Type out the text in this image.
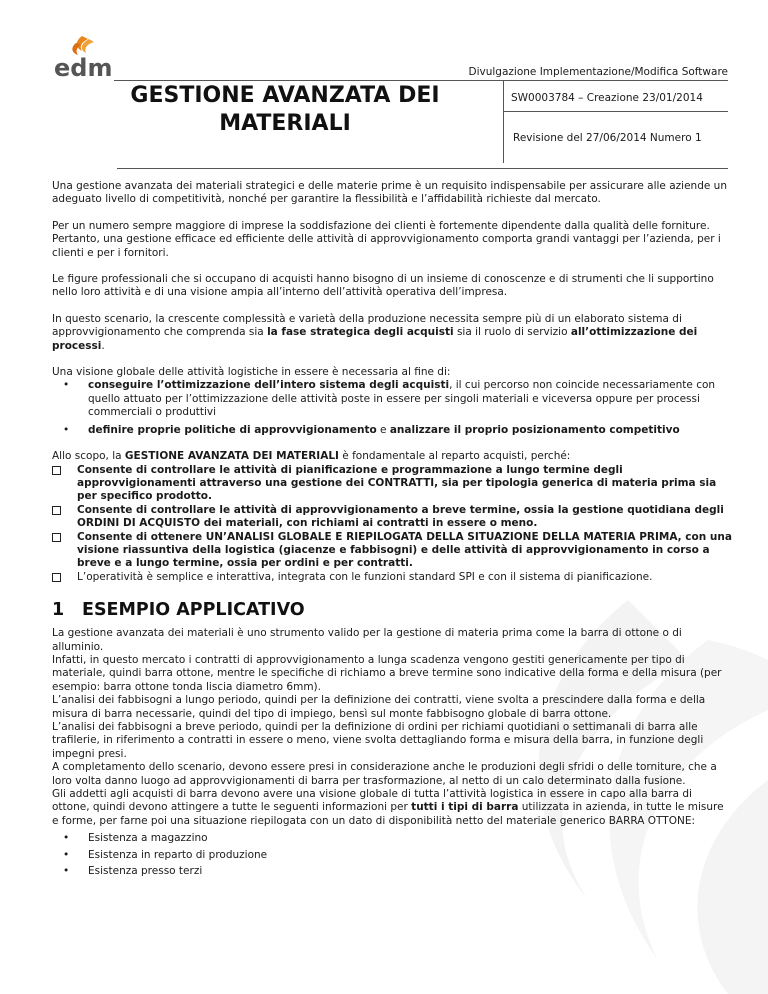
edm	Divulgazione Implementazione/Modifica Software
GESTIONE AVANZATA DEI
MATERIALI
SW0003784 – Creazione 23/01/2014
Revisione del 27/06/2014 Numero 1

Una gestione avanzata dei materiali strategici e delle materie prime è un requisito indispensabile per assicurare alle aziende un adeguato livello di competitività, nonché per garantire la flessibilità e l’affidabilità richieste dal mercato.

Per un numero sempre maggiore di imprese la soddisfazione dei clienti è fortemente dipendente dalla qualità delle forniture. Pertanto, una gestione efficace ed efficiente delle attività di approvvigionamento comporta grandi vantaggi per l’azienda, per i clienti e per i fornitori.

Le figure professionali che si occupano di acquisti hanno bisogno di un insieme di conoscenze e di strumenti che li supportino nello loro attività e di una visione ampia all’interno dell’attività operativa dell’impresa.

In questo scenario, la crescente complessità e varietà della produzione necessita sempre più di un elaborato sistema di approvvigionamento che comprenda sia la fase strategica degli acquisti sia il ruolo di servizio all’ottimizzazione dei processi.

Una visione globale delle attività logistiche in essere è necessaria al fine di:

• conseguire l’ottimizzazione dell’intero sistema degli acquisti, il cui percorso non coincide necessariamente con quello attuato per l’ottimizzazione delle attività poste in essere per singoli materiali e viceversa oppure per processi commerciali o produttivi
• definire proprie politiche di approvvigionamento e analizzare il proprio posizionamento competitivo

Allo scopo, la GESTIONE AVANZATA DEI MATERIALI è fondamentale al reparto acquisti, perché:

Consente di controllare le attività di pianificazione e programmazione a lungo termine degli approvvigionamenti attraverso una gestione dei CONTRATTI, sia per tipologia generica di materia prima sia per specifico prodotto.
Consente di controllare le attività di approvvigionamento a breve termine, ossia la gestione quotidiana degli ORDINI DI ACQUISTO dei materiali, con richiami ai contratti in essere o meno.
Consente di ottenere UN’ANALISI GLOBALE E RIEPILOGATA DELLA SITUAZIONE DELLA MATERIA PRIMA, con una visione riassuntiva della logistica (giacenze e fabbisogni) e delle attività di approvvigionamento in corso a breve e a lungo termine, ossia per ordini e per contratti.
L’operatività è semplice e interattiva, integrata con le funzioni standard SPI e con il sistema di pianificazione.
1 ESEMPIO APPLICATIVO

La gestione avanzata dei materiali è uno strumento valido per la gestione di materia prima come la barra di ottone o di alluminio.

Infatti, in questo mercato i contratti di approvvigionamento a lunga scadenza vengono gestiti genericamente per tipo di materiale, quindi barra ottone, mentre le specifiche di richiamo a breve termine sono indicative della forma e della misura (per esempio: barra ottone tonda liscia diametro 6mm).

L’analisi dei fabbisogni a lungo periodo, quindi per la definizione dei contratti, viene svolta a prescindere dalla forma e della misura di barra necessarie, quindi del tipo di impiego, bensì sul monte fabbisogno globale di barra ottone.

L’analisi dei fabbisogni a breve periodo, quindi per la definizione di ordini per richiami quotidiani o settimanali di barra alle trafilerie, in riferimento a contratti in essere o meno, viene svolta dettagliando forma e misura della barra, in funzione degli impegni presi.

A completamento dello scenario, devono essere presi in considerazione anche le produzioni degli sfridi o delle torniture, che a loro volta danno luogo ad approvvigionamenti di barra per trasformazione, al netto di un calo determinato dalla fusione.

Gli addetti agli acquisti di barra devono avere una visione globale di tutta l’attività logistica in essere in capo alla barra di ottone, quindi devono attingere a tutte le seguenti informazioni per tutti i tipi di barra utilizzata in azienda, in tutte le misure e forme, per farne poi una situazione riepilogata con un dato di disponibilità netto del materiale generico BARRA OTTONE:

• Esistenza a magazzino
• Esistenza in reparto di produzione
• Esistenza presso terzi
